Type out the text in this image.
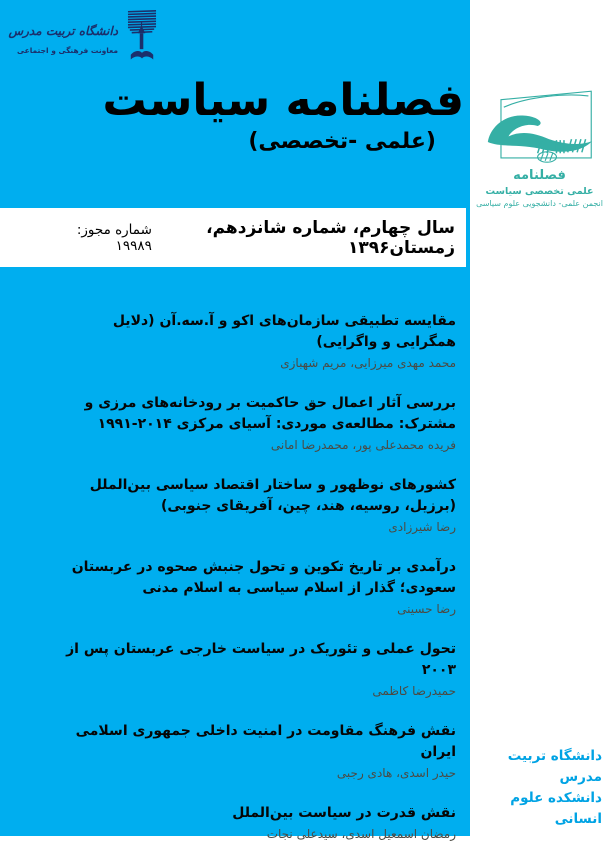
فصلنامه
علمی تخصصی سیاست
انجمن علمی- دانشجویی علوم سیاسی
دانشگاه تربیت مدرس
دانشکده علوم انسانی
دانشگاه تربیت مدرس
معاونت فرهنگی و اجتماعی
فصلنامه سیاست
(علمی -تخصصی)
سال چهارم، شماره شانزدهم، زمستان۱۳۹۶
شماره مجوز: ۱۹۹۸۹
مقایسه تطبیقی سازمان‌های اکو و آ.سه.آن (دلایل همگرایی و واگرایی)
محمد مهدی میرزایی، مریم شهبازی
بررسی آثار اعمال حق حاکمیت بر رودخانه‌های مرزی و مشترک: مطالعه‌ی موردی: آسیای مرکزی ۲۰۱۴-۱۹۹۱
فریده محمدعلی پور، محمدرضا امانی
کشورهای نوظهور و ساختار اقتصاد سیاسی بین‌الملل (برزیل، روسیه، هند، چین، آفریقای جنوبی)
رضا شیرزادی
درآمدی بر تاریخ تکوین و تحول جنبش صحوه در عربستان سعودی؛ گذار از اسلام سیاسی به اسلام مدنی
رضا حسینی
تحول عملی و تئوریک در سیاست خارجی عربستان پس از ۲۰۰۳
حمیدرضا کاظمی
نقش فرهنگ مقاومت در امنیت داخلی جمهوری اسلامی ایران
حیدر اسدی، هادی رجبی
نقش قدرت در سیاست بین‌الملل
رمضان اسمعیل اسدی، سیدعلی نجات
